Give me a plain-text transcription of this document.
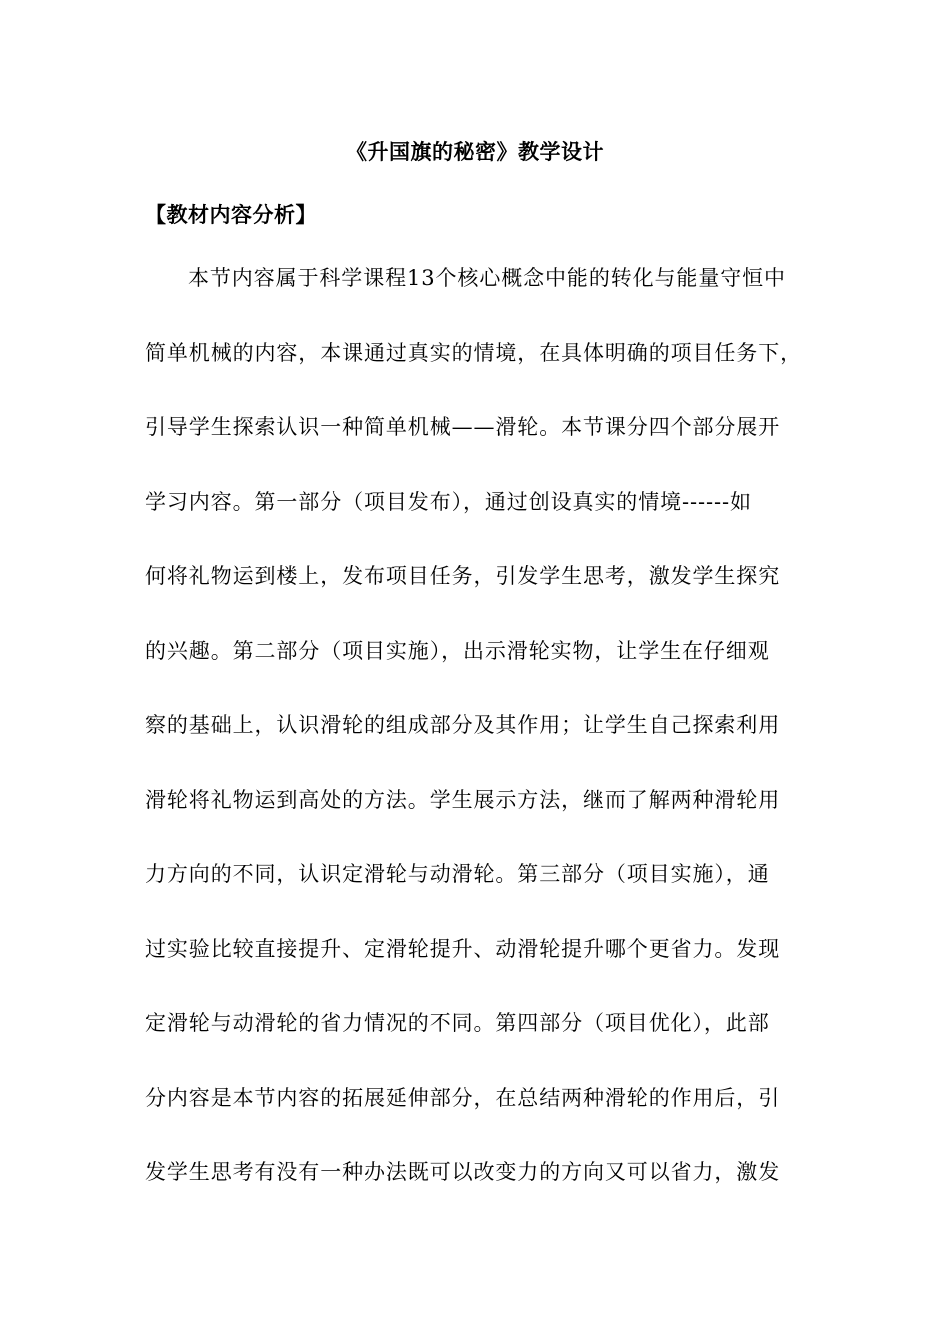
《升国旗的秘密》教学设计
【教材内容分析】
本节内容属于科学课程13个核心概念中能的转化与能量守恒中
简单机械的内容，本课通过真实的情境，在具体明确的项目任务下，
引导学生探索认识一种简单机械——滑轮。本节课分四个部分展开
学习内容。第一部分（项目发布），通过创设真实的情境------如
何将礼物运到楼上，发布项目任务，引发学生思考，激发学生探究
的兴趣。第二部分（项目实施），出示滑轮实物，让学生在仔细观
察的基础上，认识滑轮的组成部分及其作用；让学生自己探索利用
滑轮将礼物运到高处的方法。学生展示方法，继而了解两种滑轮用
力方向的不同，认识定滑轮与动滑轮。第三部分（项目实施），通
过实验比较直接提升、定滑轮提升、动滑轮提升哪个更省力。发现
定滑轮与动滑轮的省力情况的不同。第四部分（项目优化），此部
分内容是本节内容的拓展延伸部分，在总结两种滑轮的作用后，引
发学生思考有没有一种办法既可以改变力的方向又可以省力，激发
